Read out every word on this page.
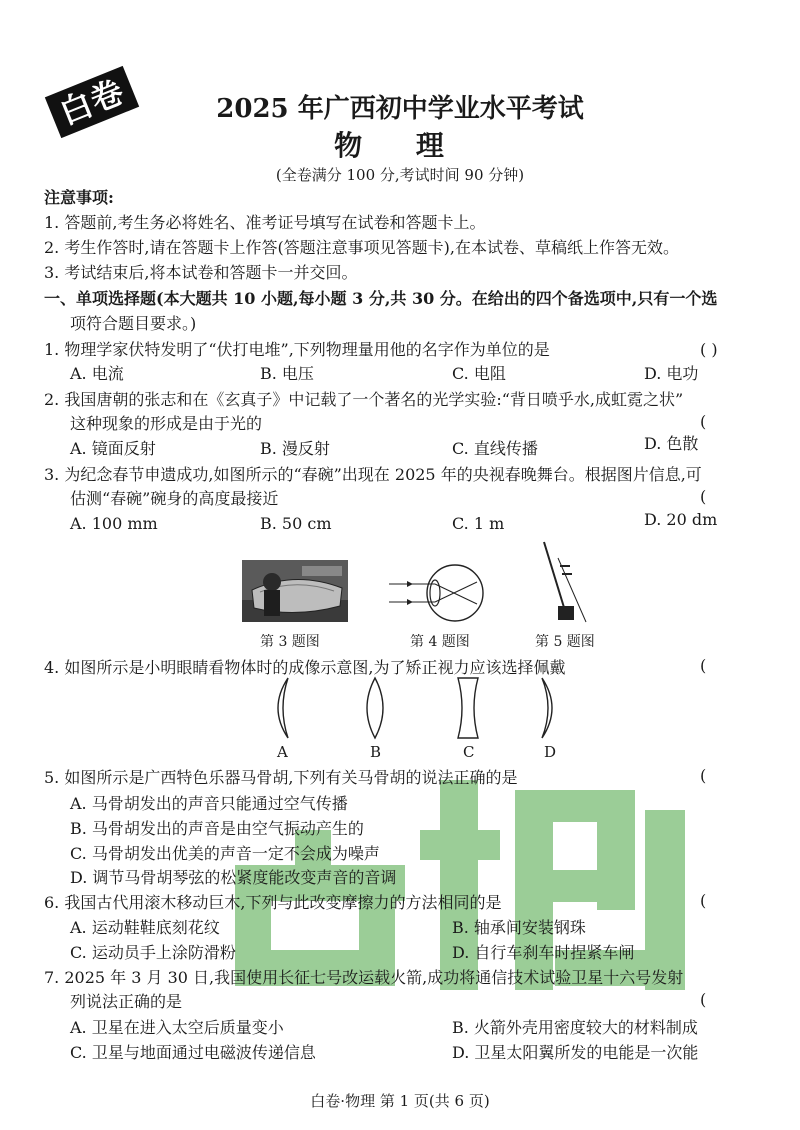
白卷	2025 年广西初中学业水平考试
物 理
(全卷满分 100 分,考试时间 90 分钟)
注意事项:
1. 答题前,考生务必将姓名、准考证号填写在试卷和答题卡上。
2. 考生作答时,请在答题卡上作答(答题注意事项见答题卡),在本试卷、草稿纸上作答无效。
3. 考试结束后,将本试卷和答题卡一并交回。
一、单项选择题(本大题共 10 小题,每小题 3 分,共 30 分。在给出的四个备选项中,只有一个选
项符合题目要求。)
1. 物理学家伏特发明了“伏打电堆”,下列物理量用他的名字作为单位的是	( )
A. 电流	B. 电压	C. 电阻	D. 电功
2. 我国唐朝的张志和在《玄真子》中记载了一个著名的光学实验:“背日喷乎水,成虹霓之状”
这种现象的形成是由于光的	(
A. 镜面反射	B. 漫反射	C. 直线传播	D. 色散
3. 为纪念春节申遗成功,如图所示的“春碗”出现在 2025 年的央视春晚舞台。根据图片信息,可
估测“春碗”碗身的高度最接近	(
A. 100 mm	B. 50 cm	C. 1 m	D. 20 dm
第 3 题图	第 4 题图	第 5 题图
4. 如图所示是小明眼睛看物体时的成像示意图,为了矫正视力应该选择佩戴	(
A	B	C	D
5. 如图所示是广西特色乐器马骨胡,下列有关马骨胡的说法正确的是	(
A. 马骨胡发出的声音只能通过空气传播
B. 马骨胡发出的声音是由空气振动产生的
C. 马骨胡发出优美的声音一定不会成为噪声
D. 调节马骨胡琴弦的松紧度能改变声音的音调
6. 我国古代用滚木移动巨木,下列与此改变摩擦力的方法相同的是	(
A. 运动鞋鞋底刻花纹	B. 轴承间安装钢珠
C. 运动员手上涂防滑粉	D. 自行车刹车时捏紧车闸
7. 2025 年 3 月 30 日,我国使用长征七号改运载火箭,成功将通信技术试验卫星十六号发射
列说法正确的是	(
A. 卫星在进入太空后质量变小	B. 火箭外壳用密度较大的材料制成
C. 卫星与地面通过电磁波传递信息	D. 卫星太阳翼所发的电能是一次能
白卷·物理 第 1 页(共 6 页)
